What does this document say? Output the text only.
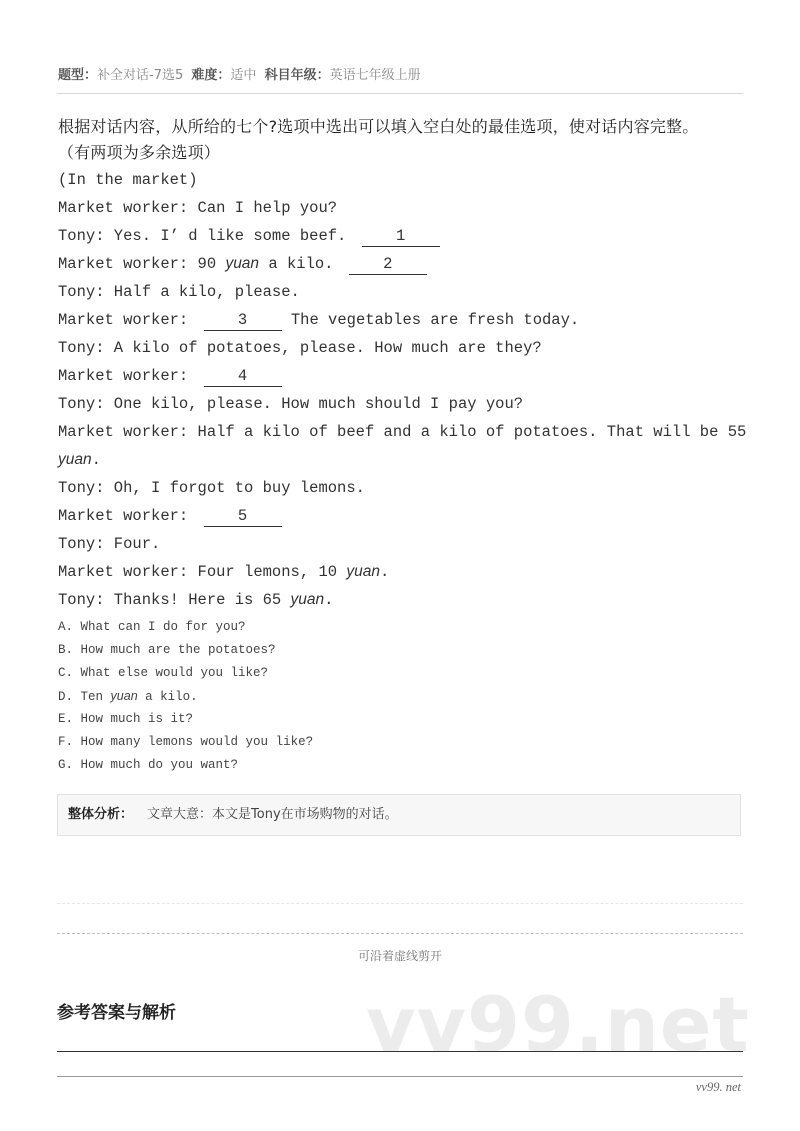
题型：补全对话-7选5 难度：适中 科目年级：英语七年级上册
根据对话内容，从所给的七个?选项中选出可以填入空白处的最佳选项，使对话内容完整。
（有两项为多余选项）
(In the market)
Market worker: Can I help you?
Tony: Yes. I’ d like some beef.	1
Market worker: 90 yuan a kilo.	2
Tony: Half a kilo, please.
Market worker:	3 The vegetables are fresh today.
Tony: A kilo of potatoes, please. How much are they?
Market worker:	4
Tony: One kilo, please. How much should I pay you?
Market worker: Half a kilo of beef and a kilo of potatoes. That will be 55
yuan.
Tony: Oh, I forgot to buy lemons.
Market worker:	5
Tony: Four.
Market worker: Four lemons, 10 yuan.
Tony: Thanks! Here is 65 yuan.
A. What can I do for you?
B. How much are the potatoes?
C. What else would you like?
D. Ten yuan a kilo.
E. How much is it?
F. How many lemons would you like?
G. How much do you want?
整体分析： 文章大意：本文是Tony在市场购物的对话。
可沿着虚线剪开
vv99.net
参考答案与解析
vv99. net
